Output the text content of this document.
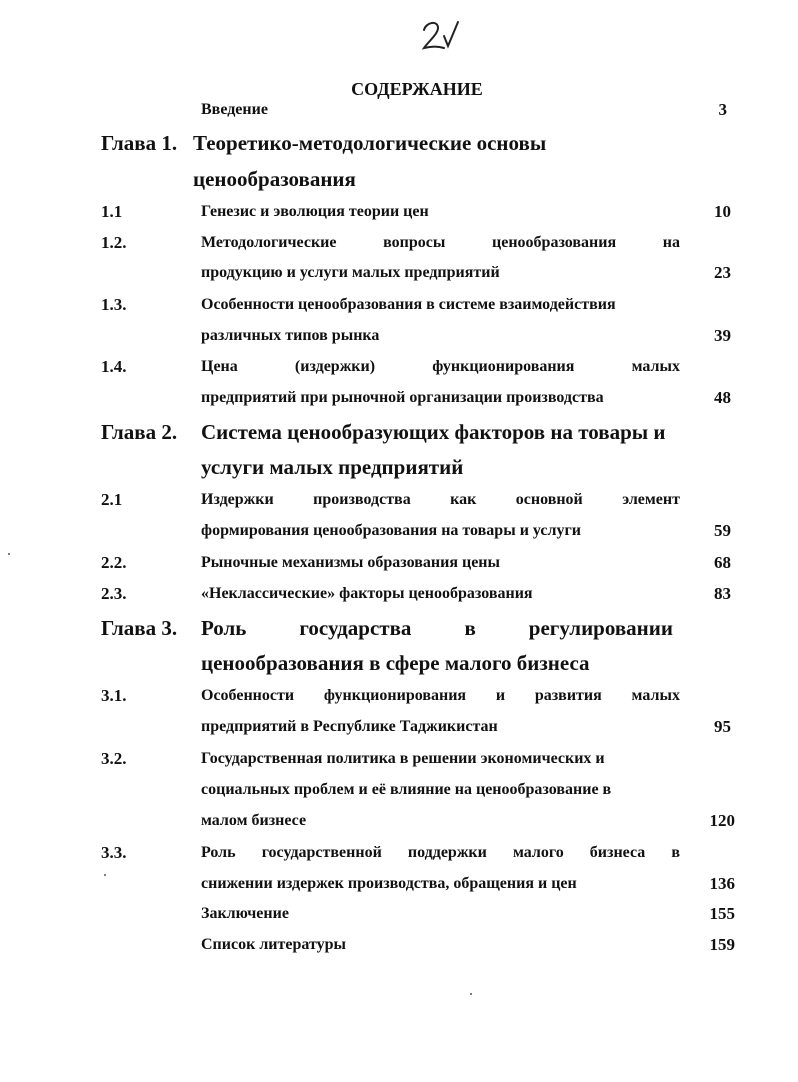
СОДЕРЖАНИЕ
Введение	3
Глава 1. Теоретико-методологические основы
ценообразования
1.1	Генезис и эволюция теории цен	10
1.2.	Методологические	вопросы	ценообразования	на
продукцию и услуги малых предприятий	23
1.3.	Особенности ценообразования в системе взаимодействия
различных типов рынка	39
1.4.	Цена	(издержки)	функционирования	малых
предприятий при рыночной организации производства	48
Глава 2. Система ценообразующих факторов на товары и
услуги малых предприятий
2.1	Издержки производства как основной элемент
формирования ценообразования на товары и услуги	59
2.2.	Рыночные механизмы образования цены	68
2.3.	«Неклассические» факторы ценообразования	83
Глава 3. Роль	государства	в	регулировании
ценообразования в сфере малого бизнеса
3.1.	Особенности функционирования и развития малых
предприятий в Республике Таджикистан	95
3.2.	Государственная политика в решении экономических и
социальных проблем и её влияние на ценообразование в
малом бизнесе	120
3.3.	Роль государственной поддержки малого бизнеса в
снижении издержек производства, обращения и цен	136
Заключение	155
Список литературы	159
